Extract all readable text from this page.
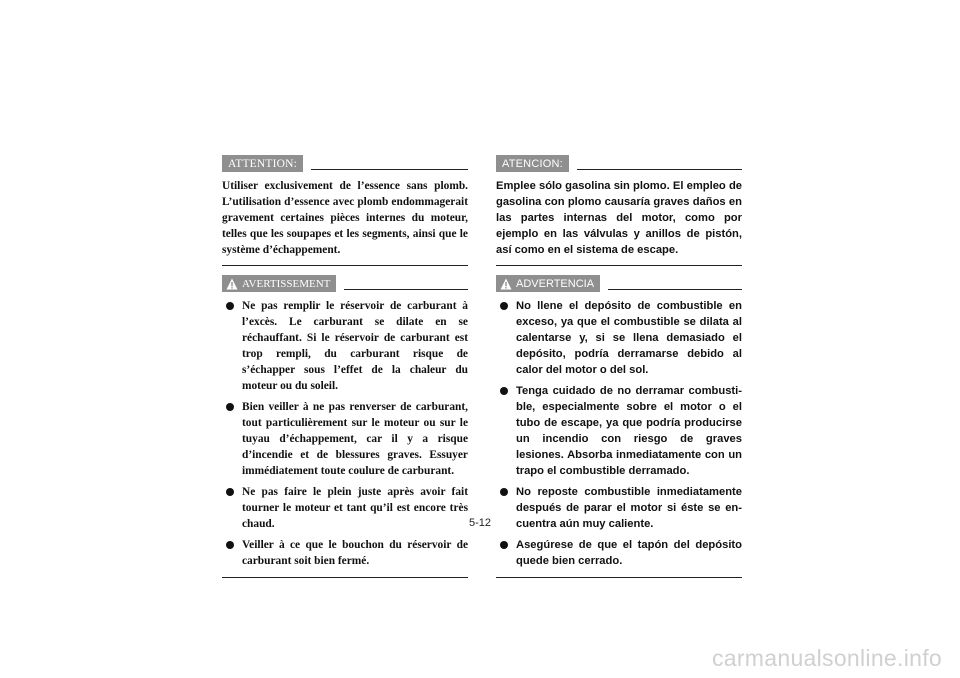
ATTENTION:
Utiliser exclusivement de l’essence sans plomb. L’utilisation d’essence avec plomb endommagerait gravement certaines pièces internes du moteur, telles que les soupapes et les segments, ainsi que le système d’échappement.
AVERTISSEMENT
Ne pas remplir le réservoir de carburant à l’excès. Le carburant se dilate en se réchauffant. Si le réservoir de carburant est trop rempli, du carburant risque de s’échapper sous l’effet de la chaleur du moteur ou du soleil.
Bien veiller à ne pas renverser de carburant, tout particulièrement sur le moteur ou sur le tuyau d’échappement, car il y a risque d’incendie et de blessures graves. Essuyer immédiatement toute coulure de carburant.
Ne pas faire le plein juste après avoir fait tourner le moteur et tant qu’il est encore très chaud.
Veiller à ce que le bouchon du réservoir de carburant soit bien fermé.
ATENCION:
Emplee sólo gasolina sin plomo. El empleo de gasolina con plomo causaría graves daños en las partes internas del motor, como por ejemplo en las válvulas y anillos de pistón, así como en el sistema de escape.
ADVERTENCIA
No llene el depósito de combustible en exceso, ya que el combustible se dilata al calentarse y, si se llena demasiado el depósito, podría derramarse debido al calor del motor o del sol.
Tenga cuidado de no derramar combustible, especialmente sobre el motor o el tubo de escape, ya que podría producirse un incendio con riesgo de graves lesiones. Absorba inmediatamente con un trapo el combustible derramado.
No reposte combustible inmediatamente después de parar el motor si éste se encuentra aún muy caliente.
Asegúrese de que el tapón del depósito quede bien cerrado.
5-12
carmanualsonline.info
